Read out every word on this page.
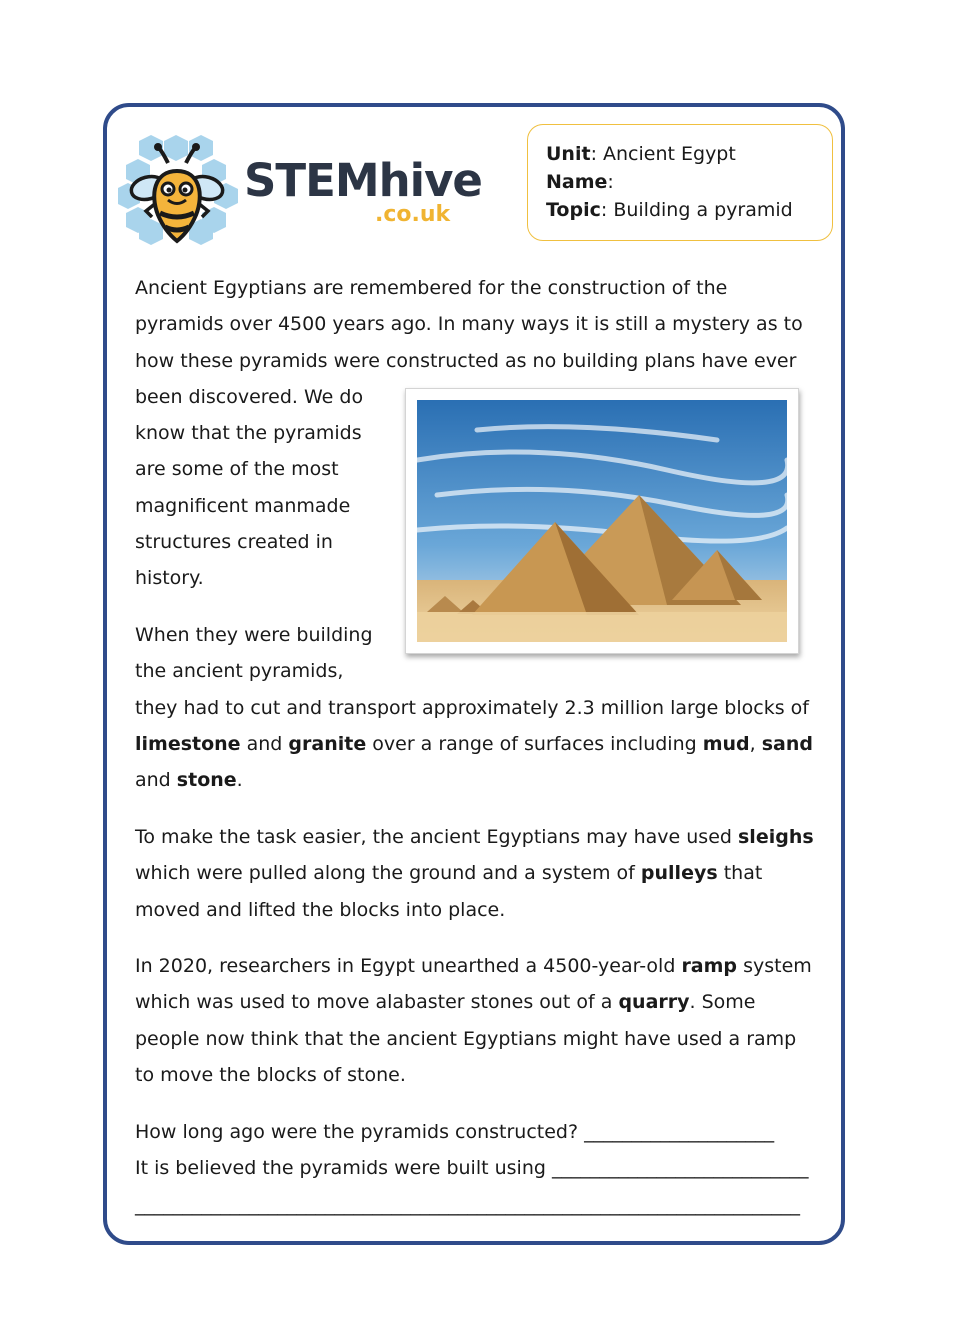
STEMhive
.co.uk
Unit: Ancient Egypt
Name:
Topic: Building a pyramid
Ancient Egyptians are remembered for the construction of the
pyramids over 4500 years ago. In many ways it is still a mystery as to
how these pyramids were constructed as no building plans have ever
been discovered. We do
know that the pyramids
are some of the most
magnificent manmade
structures created in
history.
When they were building
the ancient pyramids,
they had to cut and transport approximately 2.3 million large blocks of
limestone and granite over a range of surfaces including mud, sand
and stone.
To make the task easier, the ancient Egyptians may have used sleighs
which were pulled along the ground and a system of pulleys that
moved and lifted the blocks into place.
In 2020, researchers in Egypt unearthed a 4500-year-old ramp system
which was used to move alabaster stones out of a quarry. Some
people now think that the ancient Egyptians might have used a ramp
to move the blocks of stone.
How long ago were the pyramids constructed? ____________________
It is believed the pyramids were built using ___________________________
______________________________________________________________________
